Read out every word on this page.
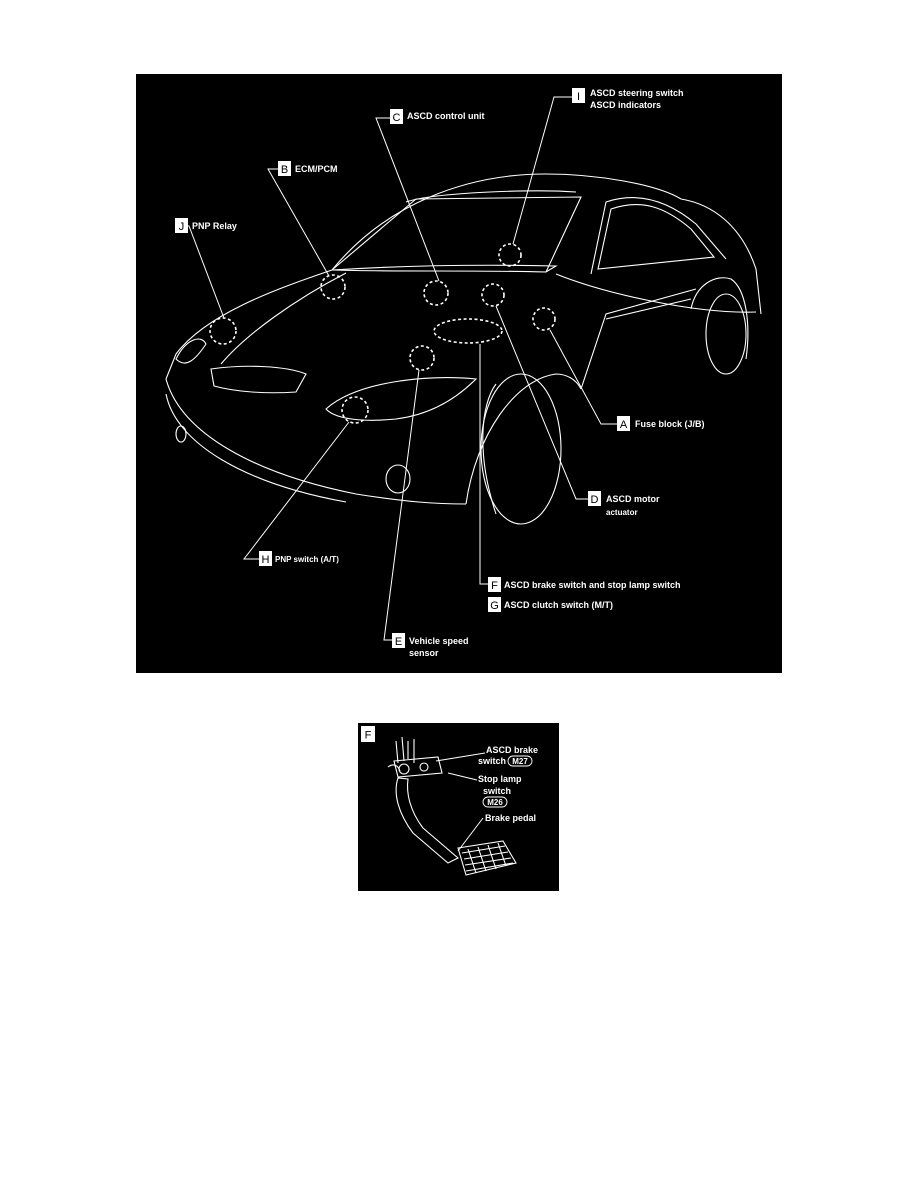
I ASCD steering switch
ASCD indicators
C ASCD control unit
B ECM/PCM
J PNP Relay
A Fuse block (J/B)
D ASCD motor
actuator
H PNP switch (A/T)
F ASCD brake switch and stop lamp switch
G ASCD clutch switch (M/T)
E Vehicle speed
sensor
F
ASCD brake
switch M27
Stop lamp
switch
M26
Brake pedal
